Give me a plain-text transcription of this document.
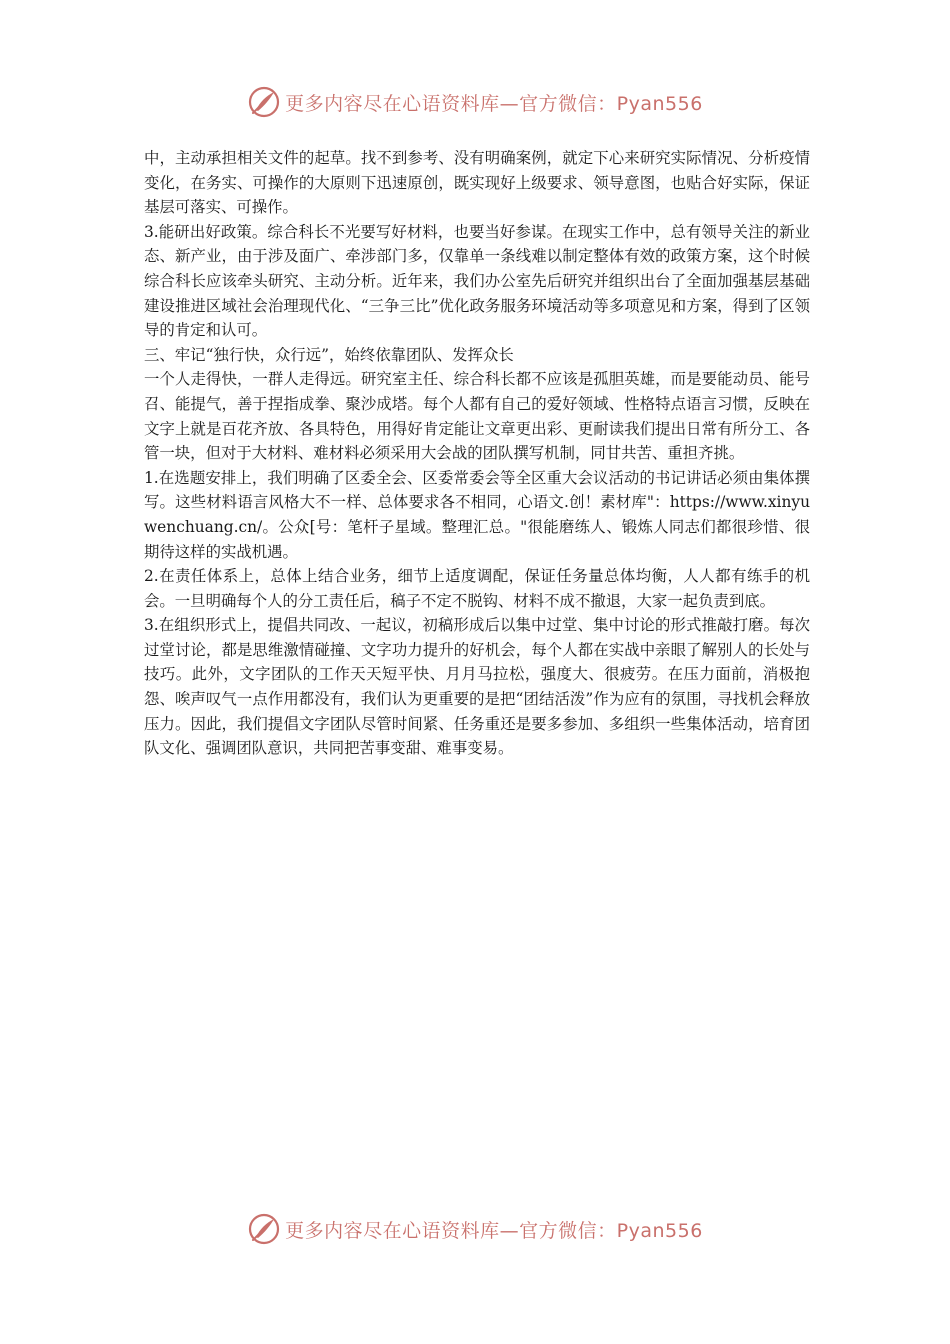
更多内容尽在心语资料库—官方微信：Pyan556

中，主动承担相关文件的起草。找不到参考、没有明确案例，就定下心来研究实际情况、分析疫情变化，在务实、可操作的大原则下迅速原创，既实现好上级要求、领导意图，也贴合好实际，保证基层可落实、可操作。

3.能研出好政策。综合科长不光要写好材料，也要当好参谋。在现实工作中，总有领导关注的新业态、新产业，由于涉及面广、牵涉部门多，仅靠单一条线难以制定整体有效的政策方案，这个时候综合科长应该牵头研究、主动分析。近年来，我们办公室先后研究并组织出台了全面加强基层基础建设推进区域社会治理现代化、“三争三比”优化政务服务环境活动等多项意见和方案，得到了区领导的肯定和认可。

三、牢记“独行快，众行远”，始终依靠团队、发挥众长

一个人走得快，一群人走得远。研究室主任、综合科长都不应该是孤胆英雄，而是要能动员、能号召、能提气，善于捏指成拳、聚沙成塔。每个人都有自己的爱好领域、性格特点语言习惯，反映在文字上就是百花齐放、各具特色，用得好肯定能让文章更出彩、更耐读我们提出日常有所分工、各管一块，但对于大材料、难材料必须采用大会战的团队撰写机制，同甘共苦、重担齐挑。

1.在选题安排上，我们明确了区委全会、区委常委会等全区重大会议活动的书记讲话必须由集体撰写。这些材料语言风格大不一样、总体要求各不相同，心语文.创！素材库"：https://www.xinyuwenchuang.cn/。公众[号：笔杆子星域。整理汇总。"很能磨练人、锻炼人同志们都很珍惜、很期待这样的实战机遇。

2.在责任体系上，总体上结合业务，细节上适度调配，保证任务量总体均衡，人人都有练手的机会。一旦明确每个人的分工责任后，稿子不定不脱钩、材料不成不撤退，大家一起负责到底。

3.在组织形式上，提倡共同改、一起议，初稿形成后以集中过堂、集中讨论的形式推敲打磨。每次过堂讨论，都是思维激情碰撞、文字功力提升的好机会，每个人都在实战中亲眼了解别人的长处与技巧。此外，文字团队的工作天天短平快、月月马拉松，强度大、很疲劳。在压力面前，消极抱怨、唉声叹气一点作用都没有，我们认为更重要的是把“团结活泼”作为应有的氛围，寻找机会释放压力。因此，我们提倡文字团队尽管时间紧、任务重还是要多参加、多组织一些集体活动，培育团队文化、强调团队意识，共同把苦事变甜、难事变易。

更多内容尽在心语资料库—官方微信：Pyan556
